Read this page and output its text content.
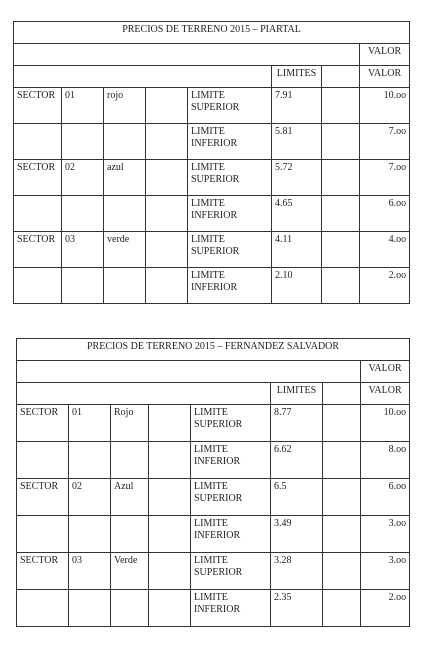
PRECIOS DE TERRENO 2015 – PIARTAL							
							VALOR
					LIMITES		VALOR
SECTOR	01	rojo		LIMITE SUPERIOR	7.91		10.oo
				LIMITE INFERIOR	5.81		7.oo
SECTOR	02	azul		LIMITE SUPERIOR	5.72		7.oo
				LIMITE INFERIOR	4.65		6.oo
SECTOR	03	verde		LIMITE SUPERIOR	4.11		4.oo
				LIMITE INFERIOR	2.10		2.oo
PRECIOS DE TERRENO 2015 – FERNANDEZ SALVADOR							
							VALOR
					LIMITES		VALOR
SECTOR	01	Rojo		LIMITE SUPERIOR	8.77		10.oo
				LIMITE INFERIOR	6.62		8.oo
SECTOR	02	Azul		LIMITE SUPERIOR	6.5		6.oo
				LIMITE INFERIOR	3.49		3.oo
SECTOR	03	Verde		LIMITE SUPERIOR	3.28		3.oo
				LIMITE INFERIOR	2.35		2.oo
